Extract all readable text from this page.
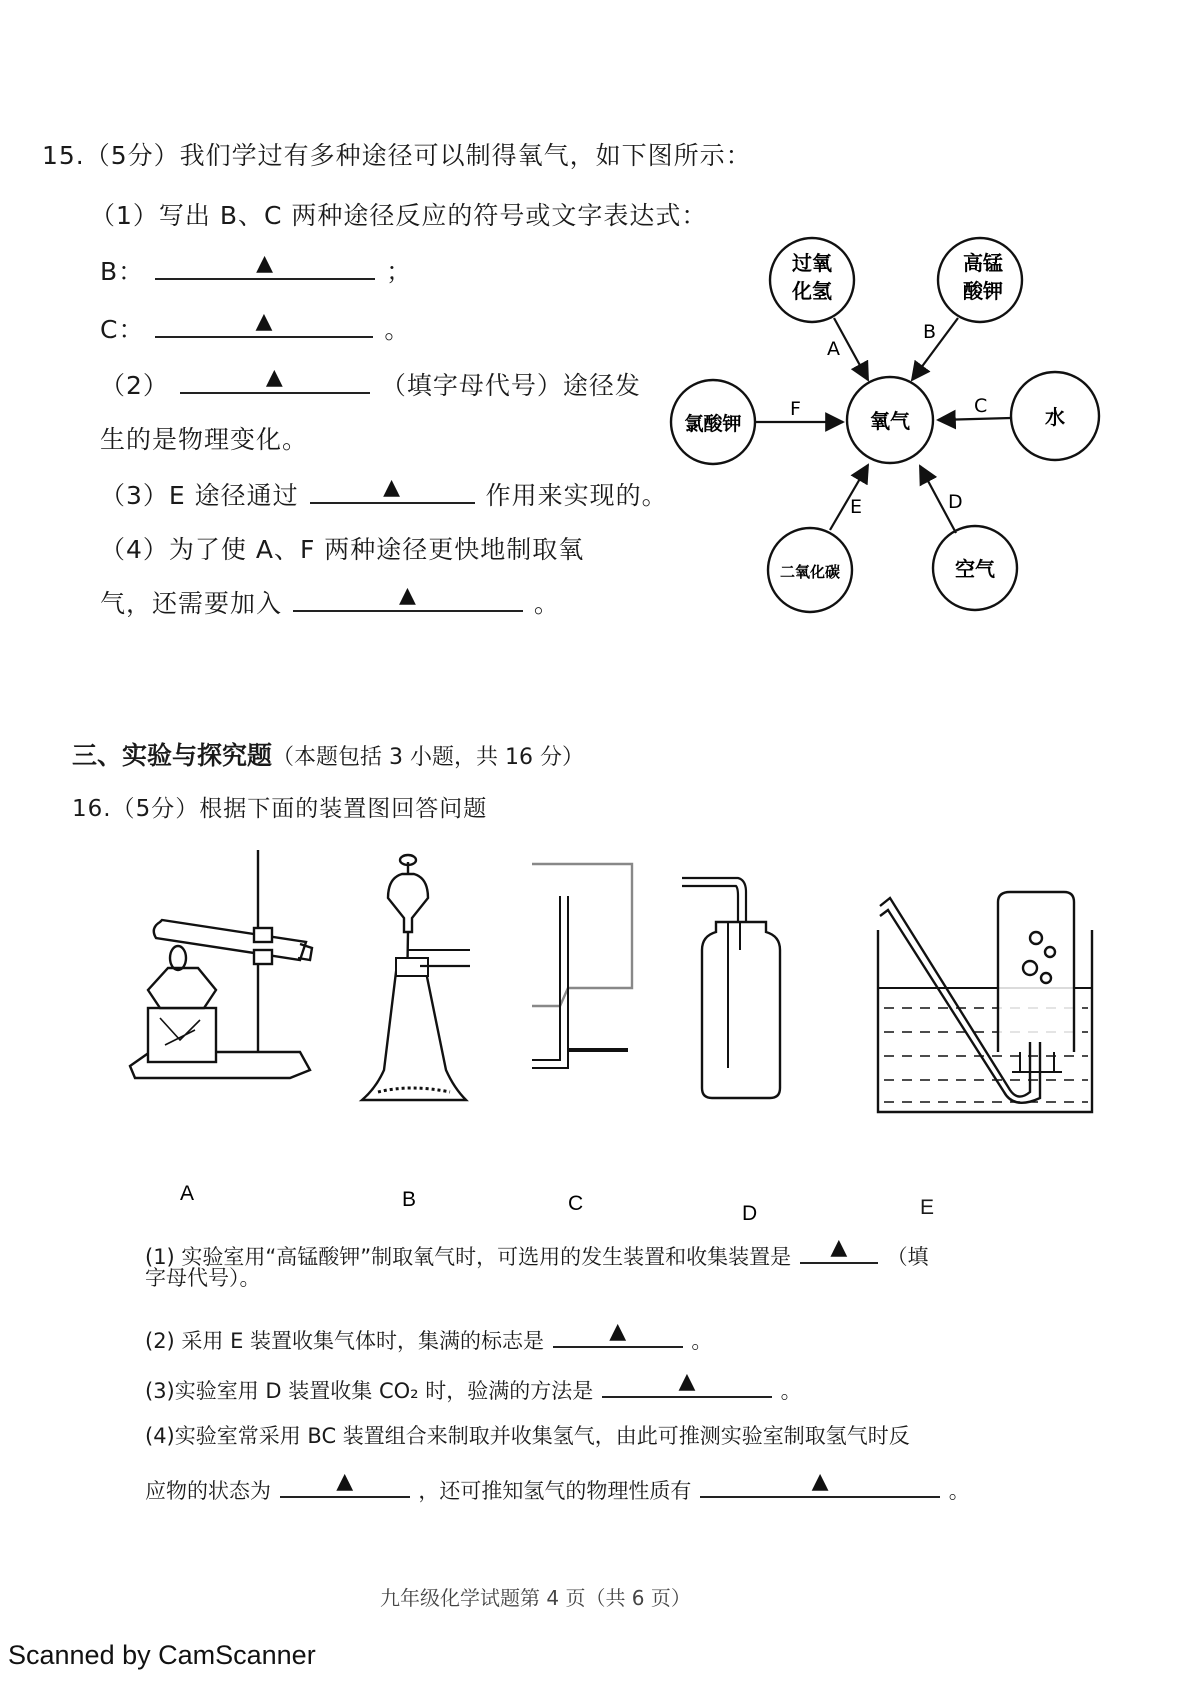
15.（5分）我们学过有多种途径可以制得氧气，如下图所示：
（1）写出 B、C 两种途径反应的符号或文字表达式：
B：	▲	；
C：	▲	。
（2）	▲	（填字母代号）途径发
生的是物理变化。
（3）E 途径通过	▲	作用来实现的。
（4）为了使 A、F 两种途径更快地制取氧
气，还需要加入	▲	。
氧气
过氧
化氢
高锰
酸钾
氯酸钾	水
二氧化碳	空气
A
B
C
D
E
F
三、实验与探究题（本题包括 3 小题，共 16 分）
16.（5分）根据下面的装置图回答问题
A	B	C	D	E
(1) 实验室用“高锰酸钾”制取氧气时，可选用的发生装置和收集装置是 ▲ （填
字母代号）。
(2) 采用 E 装置收集气体时，集满的标志是	▲	。
(3)实验室用 D 装置收集 CO₂ 时，验满的方法是	▲	。
(4)实验室常采用 BC 装置组合来制取并收集氢气，由此可推测实验室制取氢气时反
应物的状态为	▲	，还可推知氢气的物理性质有	▲	。
九年级化学试题第 4 页（共 6 页）
Scanned by CamScanner
